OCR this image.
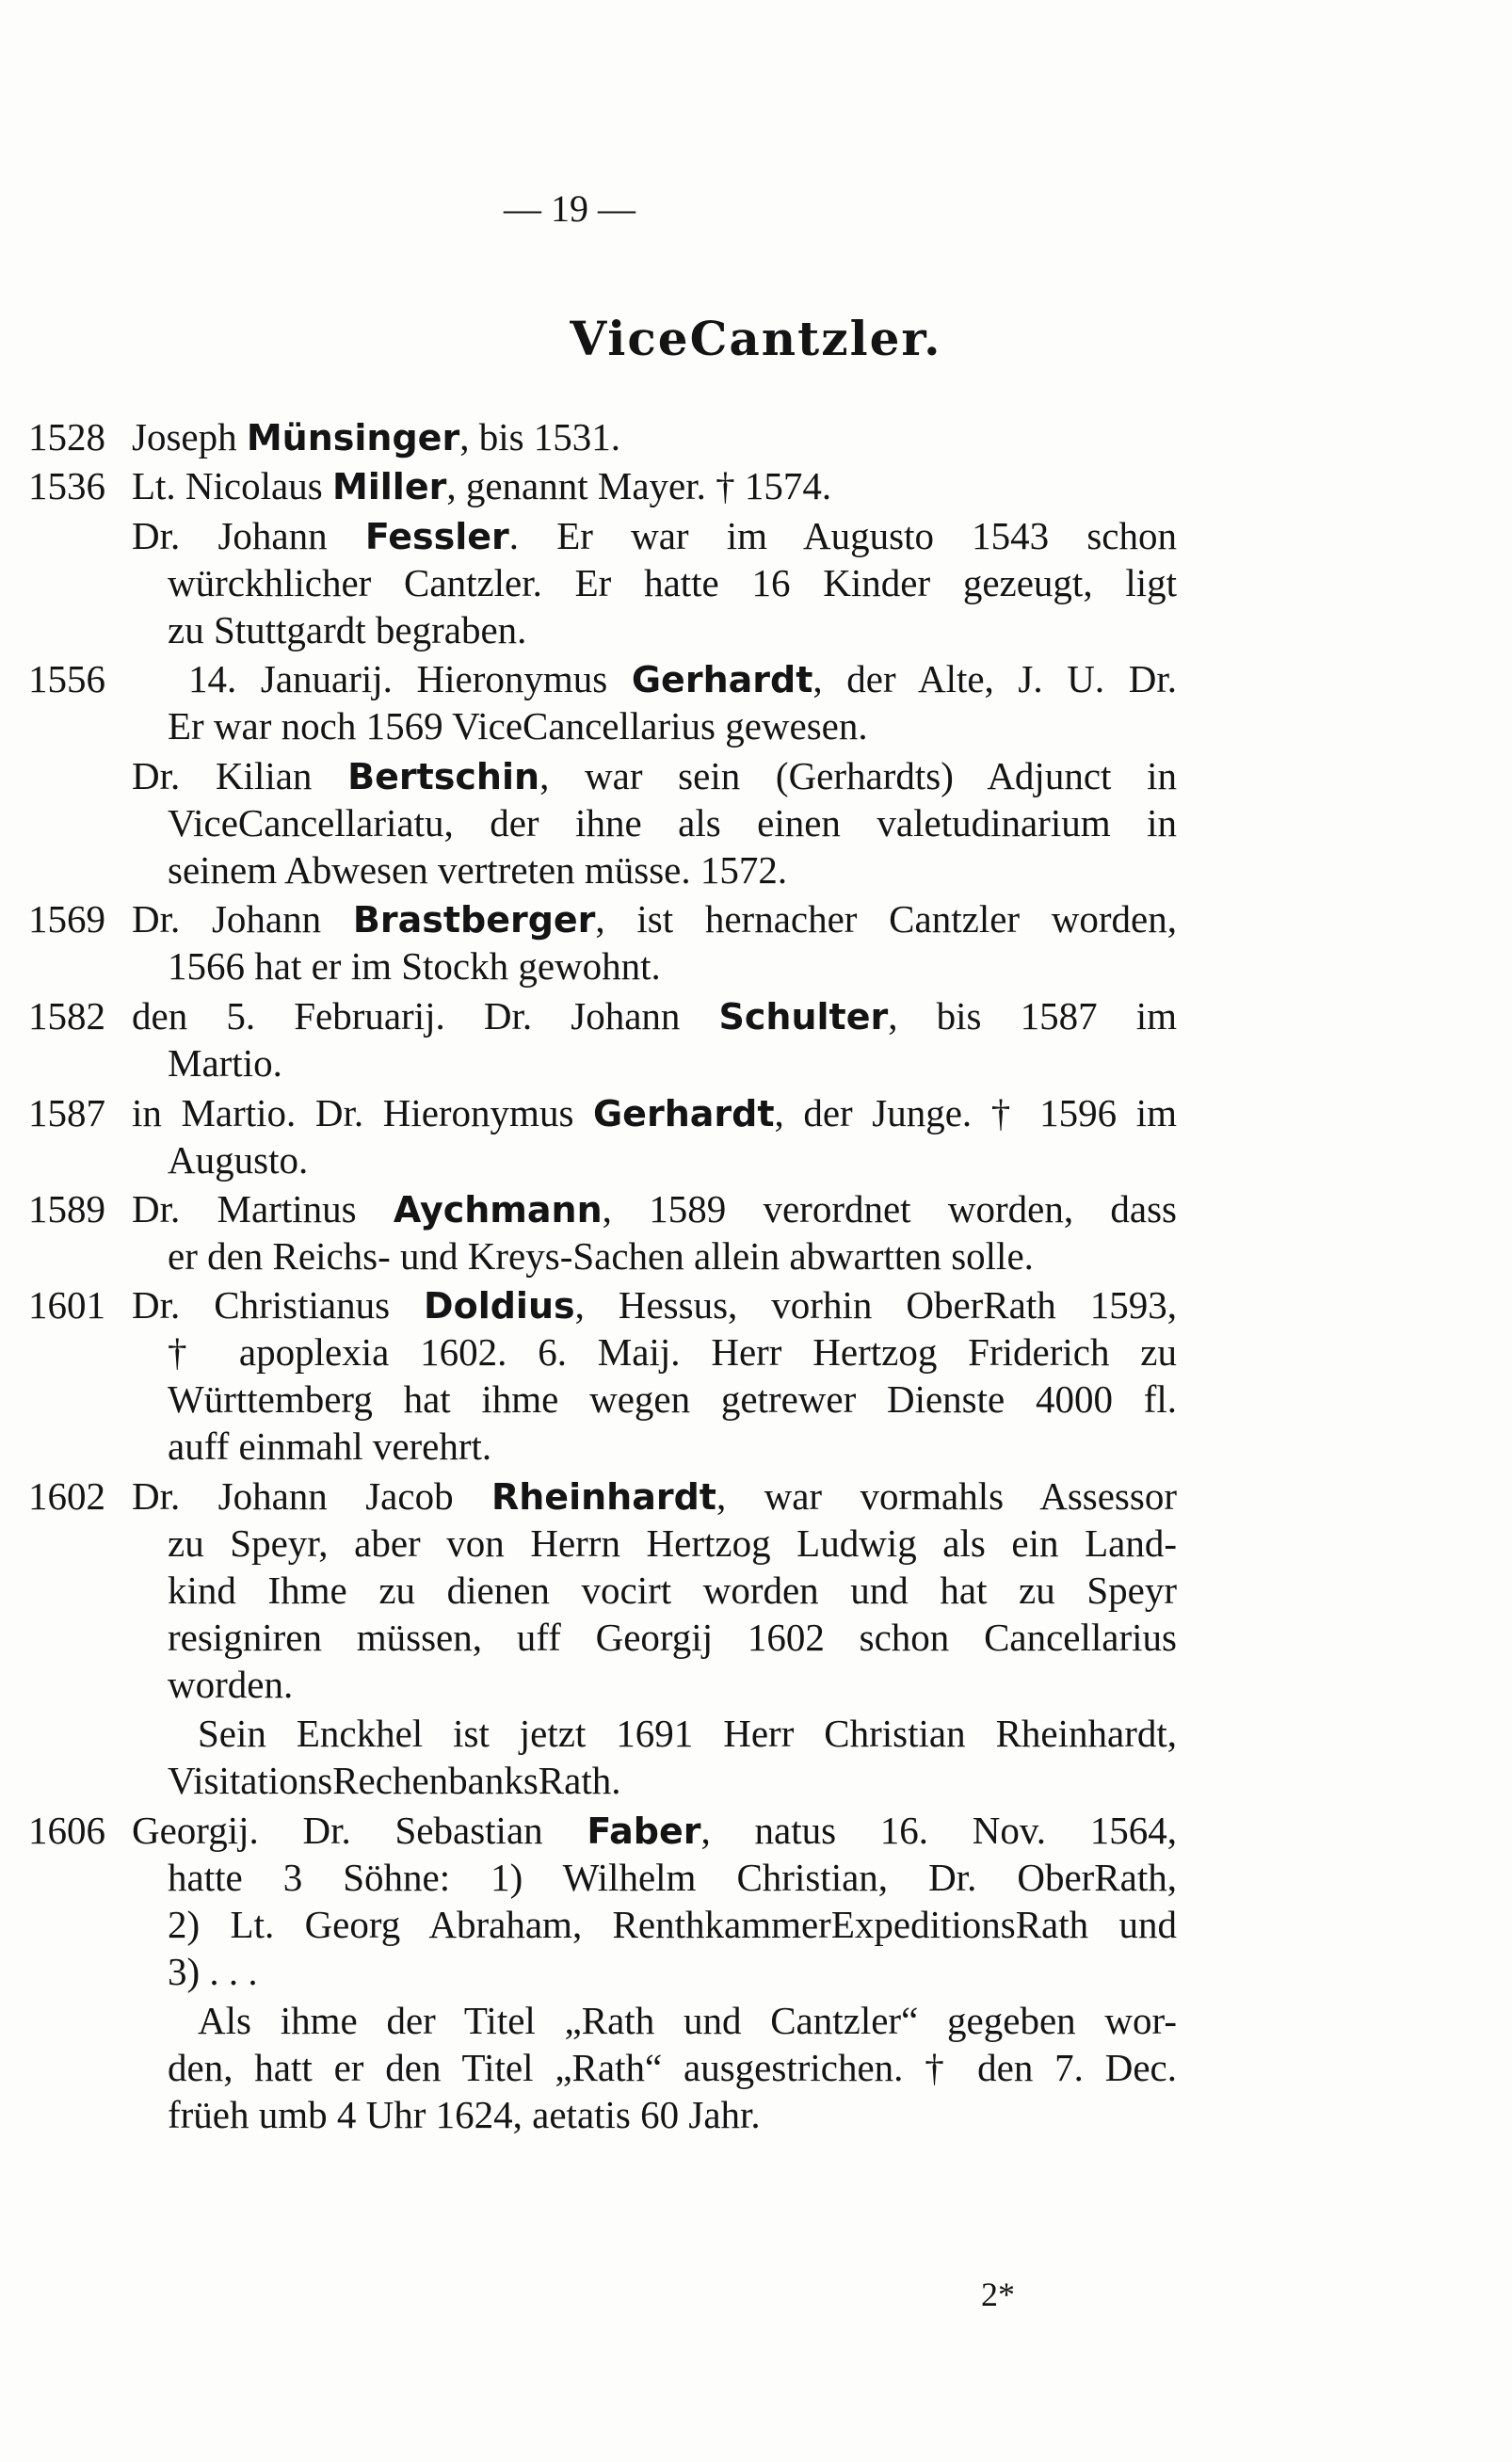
— 19 —
ViceCantzler.
1528 Joseph Münsinger, bis 1531.
1536 Lt. Nicolaus Miller, genannt Mayer. † 1574.
Dr. Johann Fessler. Er war im Augusto 1543 schon
würckhlicher Cantzler. Er hatte 16 Kinder gezeugt, ligt
zu Stuttgardt begraben.
1556 14. Januarij. Hieronymus Gerhardt, der Alte, J. U. Dr.
Er war noch 1569 ViceCancellarius gewesen.
Dr. Kilian Bertschin, war sein (Gerhardts) Adjunct in
ViceCancellariatu, der ihne als einen valetudinarium in
seinem Abwesen vertreten müsse. 1572.
1569 Dr. Johann Brastberger, ist hernacher Cantzler worden,
1566 hat er im Stockh gewohnt.
1582 den 5. Februarij. Dr. Johann Schulter, bis 1587 im
Martio.
1587 in Martio. Dr. Hieronymus Gerhardt, der Junge. † 1596 im
Augusto.
1589 Dr. Martinus Aychmann, 1589 verordnet worden, dass
er den Reichs- und Kreys-Sachen allein abwartten solle.
1601 Dr. Christianus Doldius, Hessus, vorhin OberRath 1593,
† apoplexia 1602. 6. Maij. Herr Hertzog Friderich zu
Württemberg hat ihme wegen getrewer Dienste 4000 fl.
auff einmahl verehrt.
1602 Dr. Johann Jacob Rheinhardt, war vormahls Assessor
zu Speyr, aber von Herrn Hertzog Ludwig als ein Land-
kind Ihme zu dienen vocirt worden und hat zu Speyr
resigniren müssen, uff Georgij 1602 schon Cancellarius
worden.
Sein Enckhel ist jetzt 1691 Herr Christian Rheinhardt,
VisitationsRechenbanksRath.
1606 Georgij. Dr. Sebastian Faber, natus 16. Nov. 1564,
hatte 3 Söhne: 1) Wilhelm Christian, Dr. OberRath,
2) Lt. Georg Abraham, RenthkammerExpeditionsRath und
3) . . .
Als ihme der Titel „Rath und Cantzler“ gegeben wor-
den, hatt er den Titel „Rath“ ausgestrichen. † den 7. Dec.
früeh umb 4 Uhr 1624, aetatis 60 Jahr.
2*
